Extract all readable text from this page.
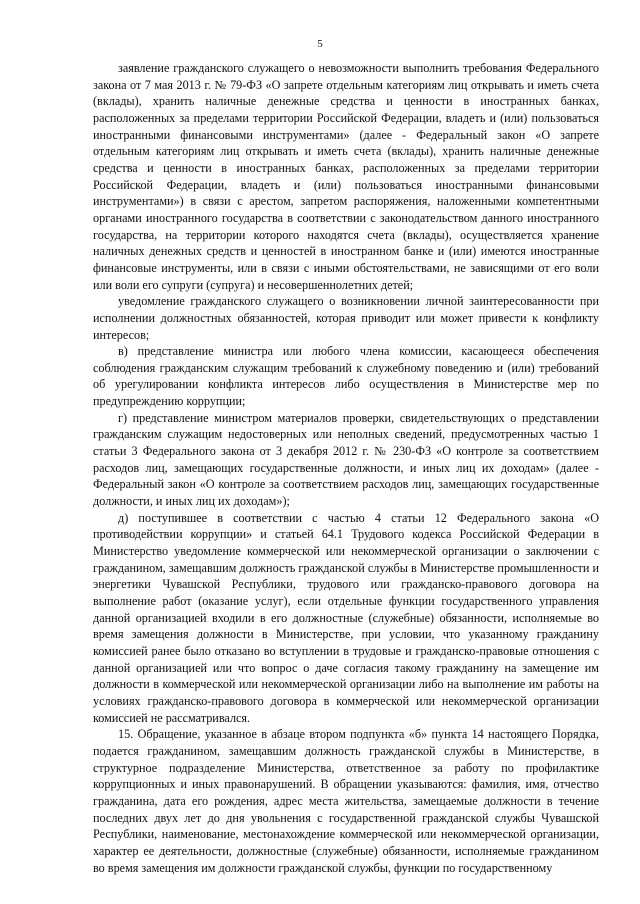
5

заявление гражданского служащего о невозможности выполнить требования Федерального закона от 7 мая 2013 г. № 79-ФЗ «О запрете отдельным категориям лиц открывать и иметь счета (вклады), хранить наличные денежные средства и ценности в иностранных банках, расположенных за пределами территории Российской Федерации, владеть и (или) пользоваться иностранными финансовыми инструментами» (далее - Федеральный закон «О запрете отдельным категориям лиц открывать и иметь счета (вклады), хранить наличные денежные средства и ценности в иностранных банках, расположенных за пределами территории Российской Федерации, владеть и (или) пользоваться иностранными финансовыми инструментами») в связи с арестом, запретом распоряжения, наложенными компетентными органами иностранного государства в соответствии с законодательством данного иностранного государства, на территории которого находятся счета (вклады), осуществляется хранение наличных денежных средств и ценностей в иностранном банке и (или) имеются иностранные финансовые инструменты, или в связи с иными обстоятельствами, не зависящими от его воли или воли его супруги (супруга) и несовершеннолетних детей;

уведомление гражданского служащего о возникновении личной заинтересованности при исполнении должностных обязанностей, которая приводит или может привести к конфликту интересов;

в) представление министра или любого члена комиссии, касающееся обеспечения соблюдения гражданским служащим требований к служебному поведению и (или) требований об урегулировании конфликта интересов либо осуществления в Министерстве мер по предупреждению коррупции;

г) представление министром материалов проверки, свидетельствующих о представлении гражданским служащим недостоверных или неполных сведений, предусмотренных частью 1 статьи 3 Федерального закона от 3 декабря 2012 г. № 230-ФЗ «О контроле за соответствием расходов лиц, замещающих государственные должности, и иных лиц их доходам» (далее - Федеральный закон «О контроле за соответствием расходов лиц, замещающих государственные должности, и иных лиц их доходам»);

д) поступившее в соответствии с частью 4 статьи 12 Федерального закона «О противодействии коррупции» и статьей 64.1 Трудового кодекса Российской Федерации в Министерство уведомление коммерческой или некоммерческой организации о заключении с гражданином, замещавшим должность гражданской службы в Министерстве промышленности и энергетики Чувашской Республики, трудового или гражданско-правового договора на выполнение работ (оказание услуг), если отдельные функции государственного управления данной организацией входили в его должностные (служебные) обязанности, исполняемые во время замещения должности в Министерстве, при условии, что указанному гражданину комиссией ранее было отказано во вступлении в трудовые и гражданско-правовые отношения с данной организацией или что вопрос о даче согласия такому гражданину на замещение им должности в коммерческой или некоммерческой организации либо на выполнение им работы на условиях гражданско-правового договора в коммерческой или некоммерческой организации комиссией не рассматривался.

15. Обращение, указанное в абзаце втором подпункта «б» пункта 14 настоящего Порядка, подается гражданином, замещавшим должность гражданской службы в Министерстве, в структурное подразделение Министерства, ответственное за работу по профилактике коррупционных и иных правонарушений. В обращении указываются: фамилия, имя, отчество гражданина, дата его рождения, адрес места жительства, замещаемые должности в течение последних двух лет до дня увольнения с государственной гражданской службы Чувашской Республики, наименование, местонахождение коммерческой или некоммерческой организации, характер ее деятельности, должностные (служебные) обязанности, исполняемые гражданином во время замещения им должности гражданской службы, функции по государственному
